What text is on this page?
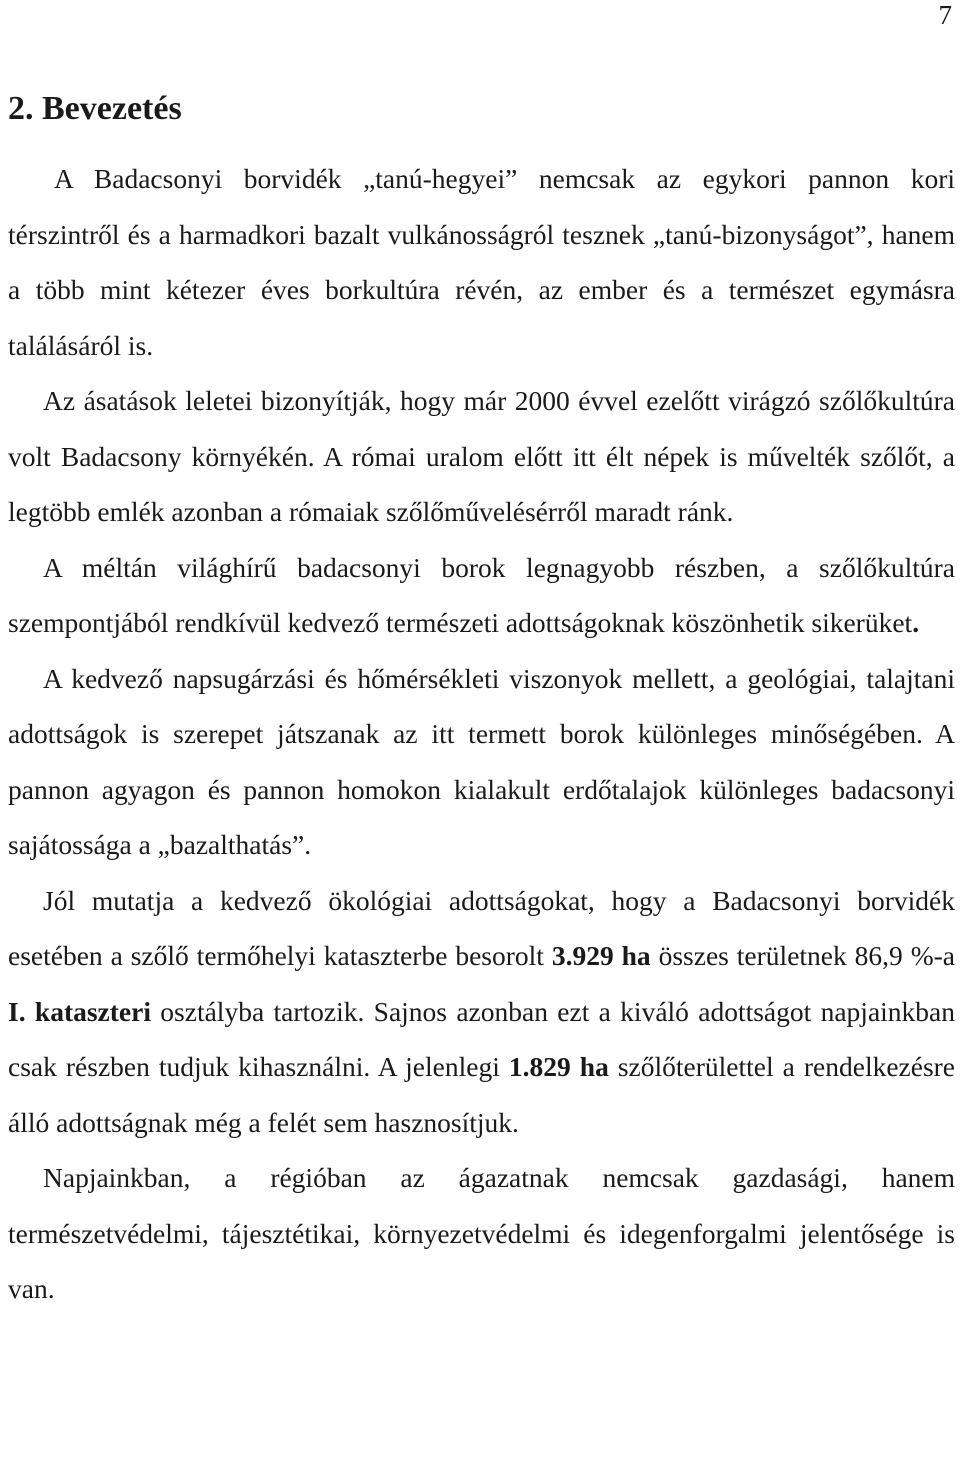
7
2. Bevezetés

A Badacsonyi borvidék „tanú-hegyei” nemcsak az egykori pannon kori térszintről és a harmadkori bazalt vulkánosságról tesznek „tanú-bizonyságot”, hanem a több mint kétezer éves borkultúra révén, az ember és a természet egymásra találásáról is.

Az ásatások leletei bizonyítják, hogy már 2000 évvel ezelőtt virágzó szőlőkultúra volt Badacsony környékén. A római uralom előtt itt élt népek is művelték szőlőt, a legtöbb emlék azonban a rómaiak szőlőművelésérről maradt ránk.

A méltán világhírű badacsonyi borok legnagyobb részben, a szőlőkultúra szempontjából rendkívül kedvező természeti adottságoknak köszönhetik sikerüket.

A kedvező napsugárzási és hőmérsékleti viszonyok mellett, a geológiai, talajtani adottságok is szerepet játszanak az itt termett borok különleges minőségében. A pannon agyagon és pannon homokon kialakult erdőtalajok különleges badacsonyi sajátossága a „bazalthatás”.

Jól mutatja a kedvező ökológiai adottságokat, hogy a Badacsonyi borvidék esetében a szőlő termőhelyi kataszterbe besorolt 3.929 ha összes területnek 86,9 %-a I. kataszteri osztályba tartozik. Sajnos azonban ezt a kiváló adottságot napjainkban csak részben tudjuk kihasználni. A jelenlegi 1.829 ha szőlőterülettel a rendelkezésre álló adottságnak még a felét sem hasznosítjuk.

Napjainkban, a régióban az ágazatnak nemcsak gazdasági, hanem természetvédelmi, tájesztétikai, környezetvédelmi és idegenforgalmi jelentősége is van.
